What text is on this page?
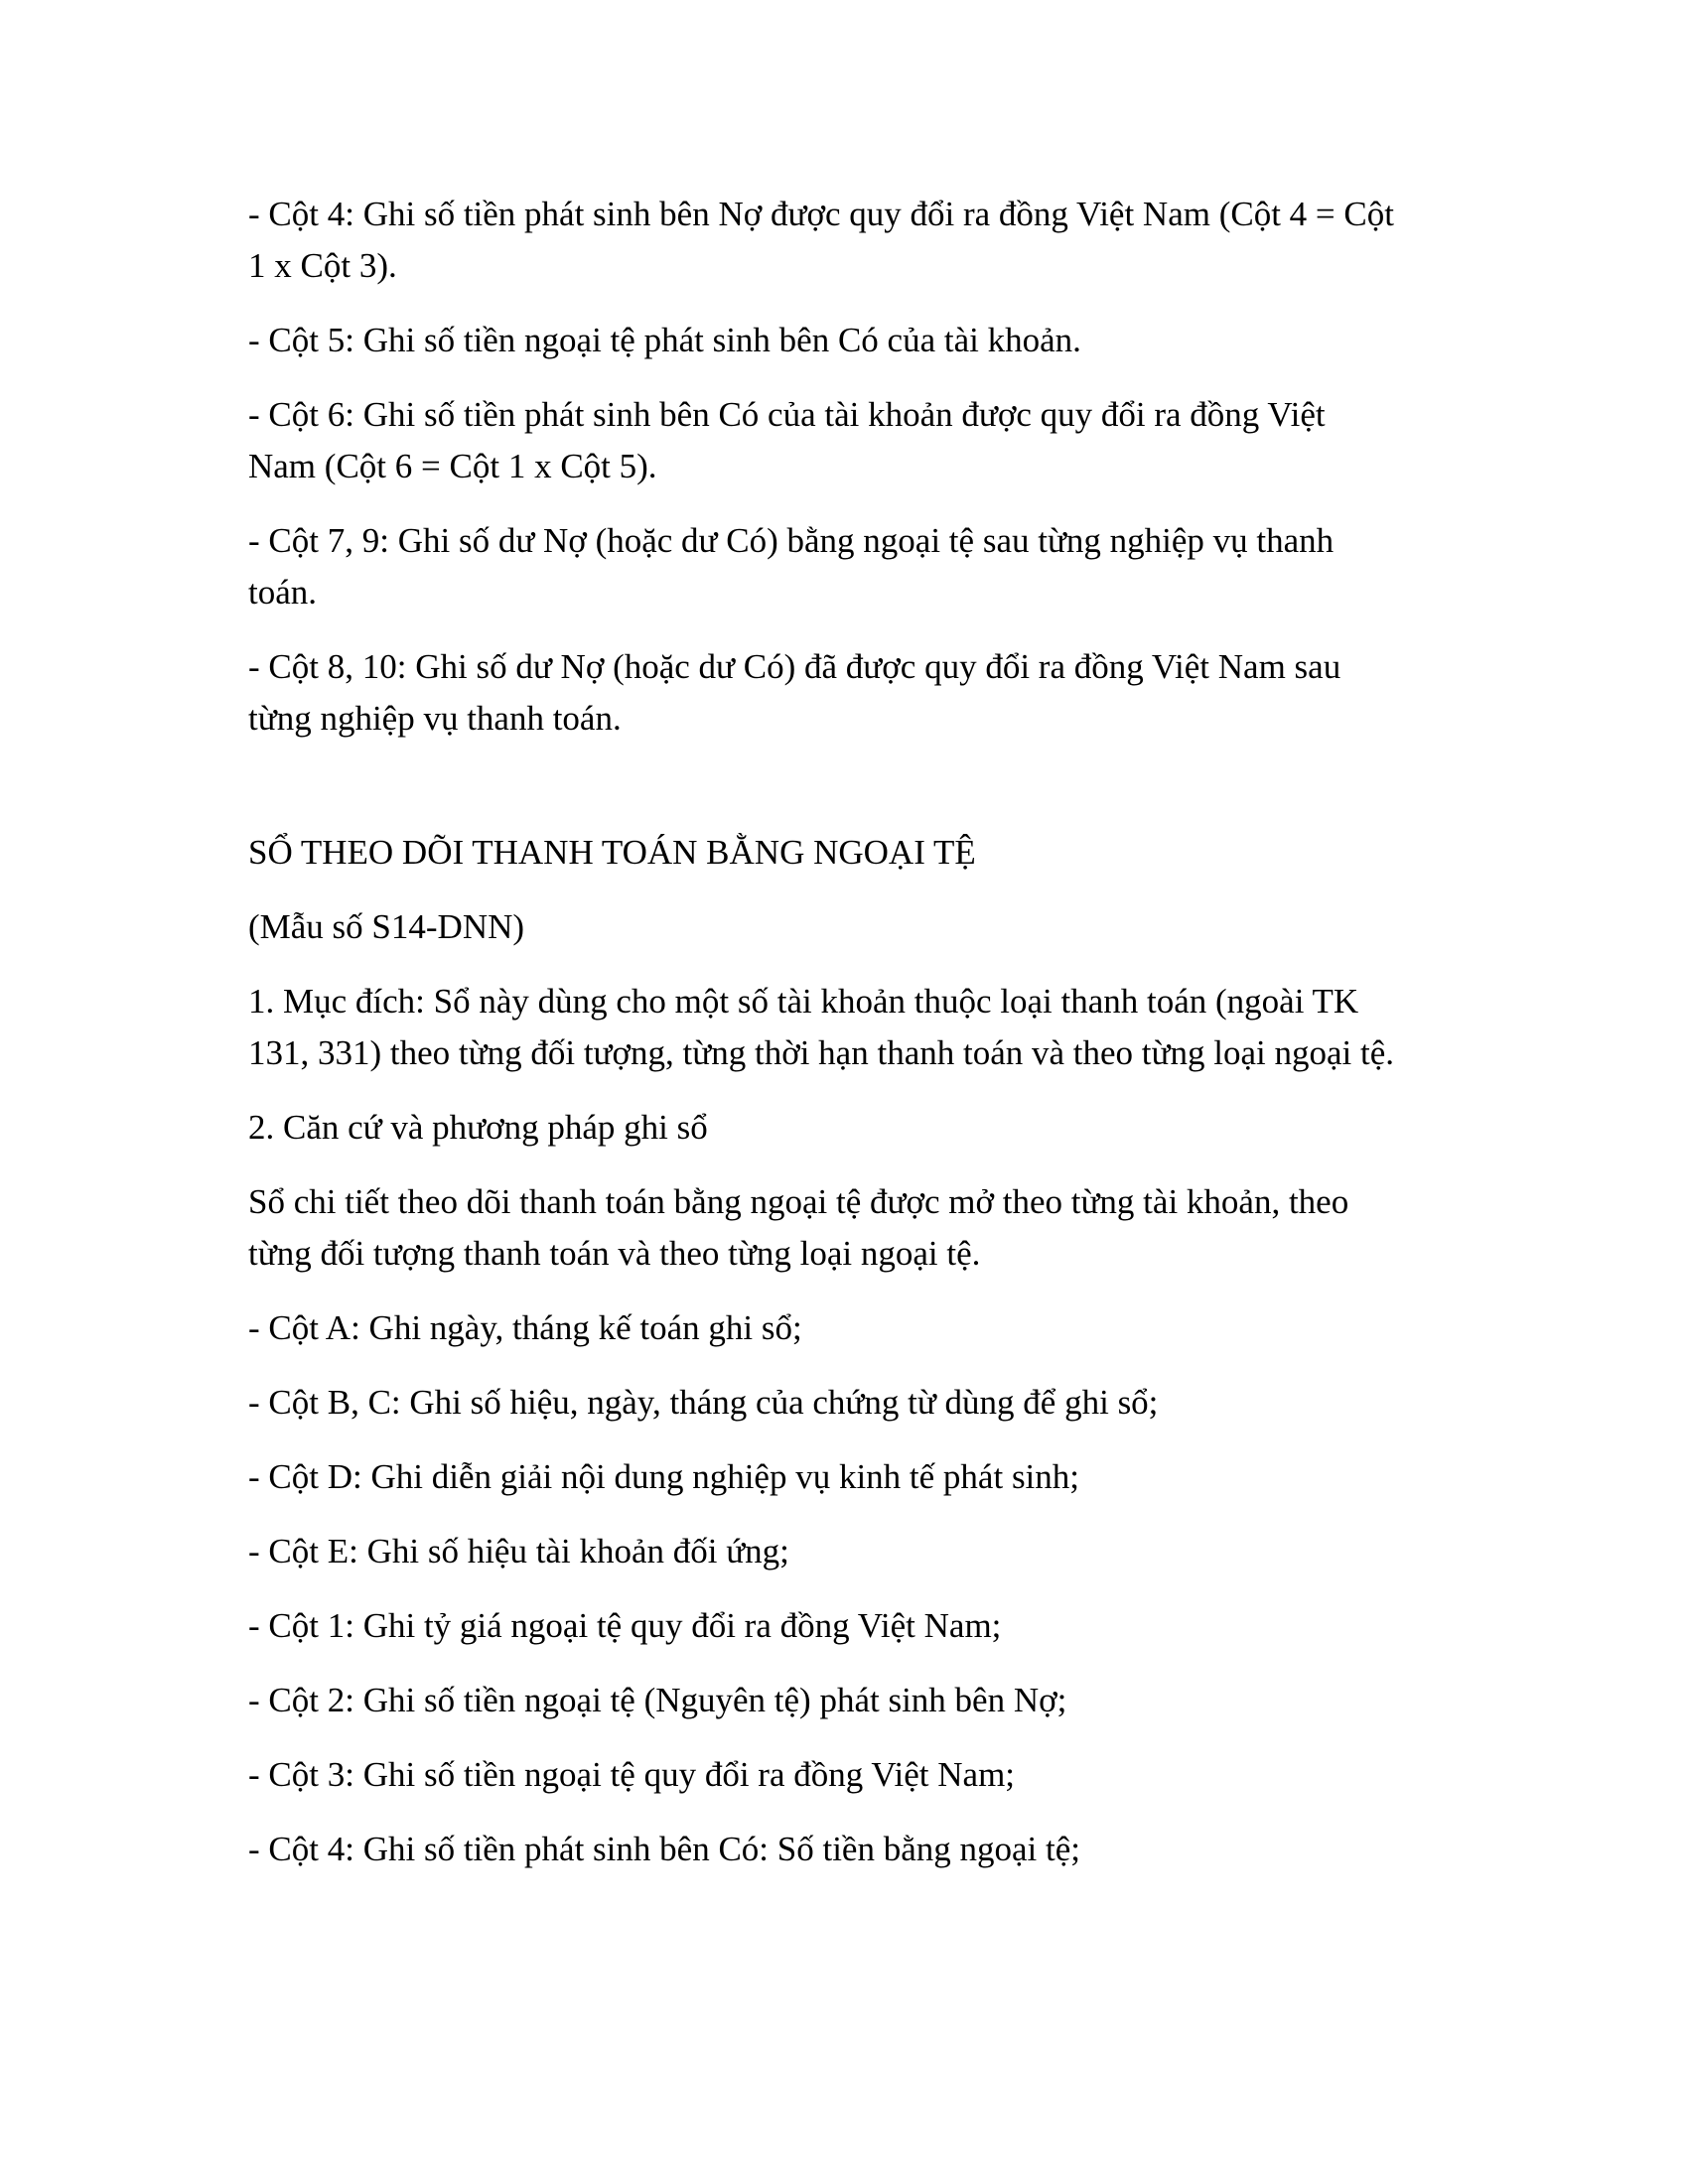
- Cột 4: Ghi số tiền phát sinh bên Nợ được quy đổi ra đồng Việt Nam (Cột 4 = Cột
1 x Cột 3).
- Cột 5: Ghi số tiền ngoại tệ phát sinh bên Có của tài khoản.
- Cột 6: Ghi số tiền phát sinh bên Có của tài khoản được quy đổi ra đồng Việt
Nam (Cột 6 = Cột 1 x Cột 5).
- Cột 7, 9: Ghi số dư Nợ (hoặc dư Có) bằng ngoại tệ sau từng nghiệp vụ thanh
toán.
- Cột 8, 10: Ghi số dư Nợ (hoặc dư Có) đã được quy đổi ra đồng Việt Nam sau
từng nghiệp vụ thanh toán.
SỔ THEO DÕI THANH TOÁN BẰNG NGOẠI TỆ
(Mẫu số S14-DNN)
1. Mục đích: Sổ này dùng cho một số tài khoản thuộc loại thanh toán (ngoài TK
131, 331) theo từng đối tượng, từng thời hạn thanh toán và theo từng loại ngoại tệ.
2. Căn cứ và phương pháp ghi sổ
Sổ chi tiết theo dõi thanh toán bằng ngoại tệ được mở theo từng tài khoản, theo
từng đối tượng thanh toán và theo từng loại ngoại tệ.
- Cột A: Ghi ngày, tháng kế toán ghi sổ;
- Cột B, C: Ghi số hiệu, ngày, tháng của chứng từ dùng để ghi sổ;
- Cột D: Ghi diễn giải nội dung nghiệp vụ kinh tế phát sinh;
- Cột E: Ghi số hiệu tài khoản đối ứng;
- Cột 1: Ghi tỷ giá ngoại tệ quy đổi ra đồng Việt Nam;
- Cột 2: Ghi số tiền ngoại tệ (Nguyên tệ) phát sinh bên Nợ;
- Cột 3: Ghi số tiền ngoại tệ quy đổi ra đồng Việt Nam;
- Cột 4: Ghi số tiền phát sinh bên Có: Số tiền bằng ngoại tệ;
